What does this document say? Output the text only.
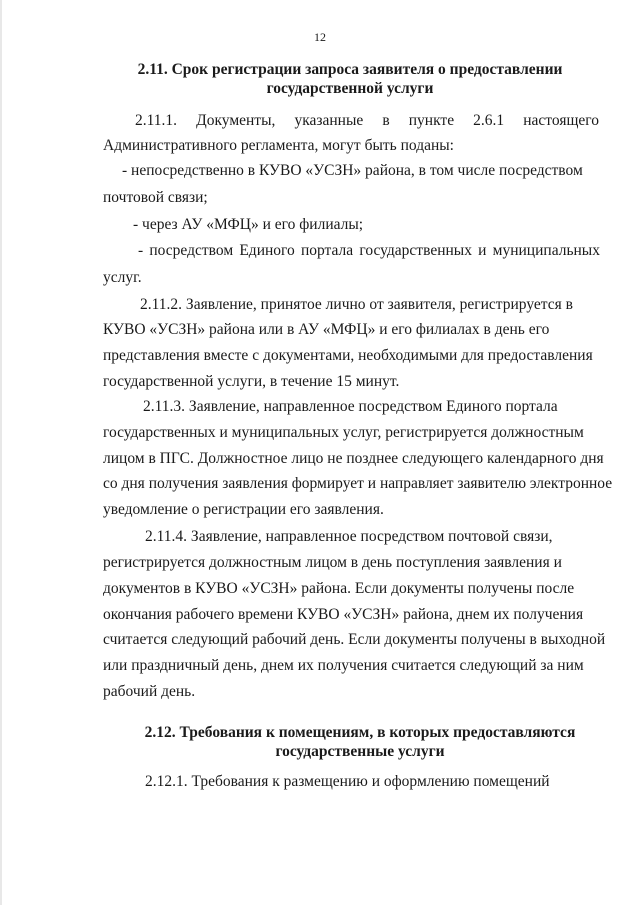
12
2.11. Срок регистрации запроса заявителя о предоставлении
государственной услуги
2.11.1. Документы, указанные в пункте 2.6.1 настоящего
Административного регламента, могут быть поданы:
- непосредственно в КУВО «УСЗН» района, в том числе посредством
почтовой связи;
- через АУ «МФЦ» и его филиалы;
- посредством Единого портала государственных и муниципальных
услуг.
2.11.2. Заявление, принятое лично от заявителя, регистрируется в
КУВО «УСЗН» района или в АУ «МФЦ» и его филиалах в день его
представления вместе с документами, необходимыми для предоставления
государственной услуги, в течение 15 минут.
2.11.3. Заявление, направленное посредством Единого портала
государственных и муниципальных услуг, регистрируется должностным
лицом в ПГС. Должностное лицо не позднее следующего календарного дня
со дня получения заявления формирует и направляет заявителю электронное
уведомление о регистрации его заявления.
2.11.4. Заявление, направленное посредством почтовой связи,
регистрируется должностным лицом в день поступления заявления и
документов в КУВО «УСЗН» района. Если документы получены после
окончания рабочего времени КУВО «УСЗН» района, днем их получения
считается следующий рабочий день. Если документы получены в выходной
или праздничный день, днем их получения считается следующий за ним
рабочий день.
2.12. Требования к помещениям, в которых предоставляются
государственные услуги
2.12.1. Требования к размещению и оформлению помещений
